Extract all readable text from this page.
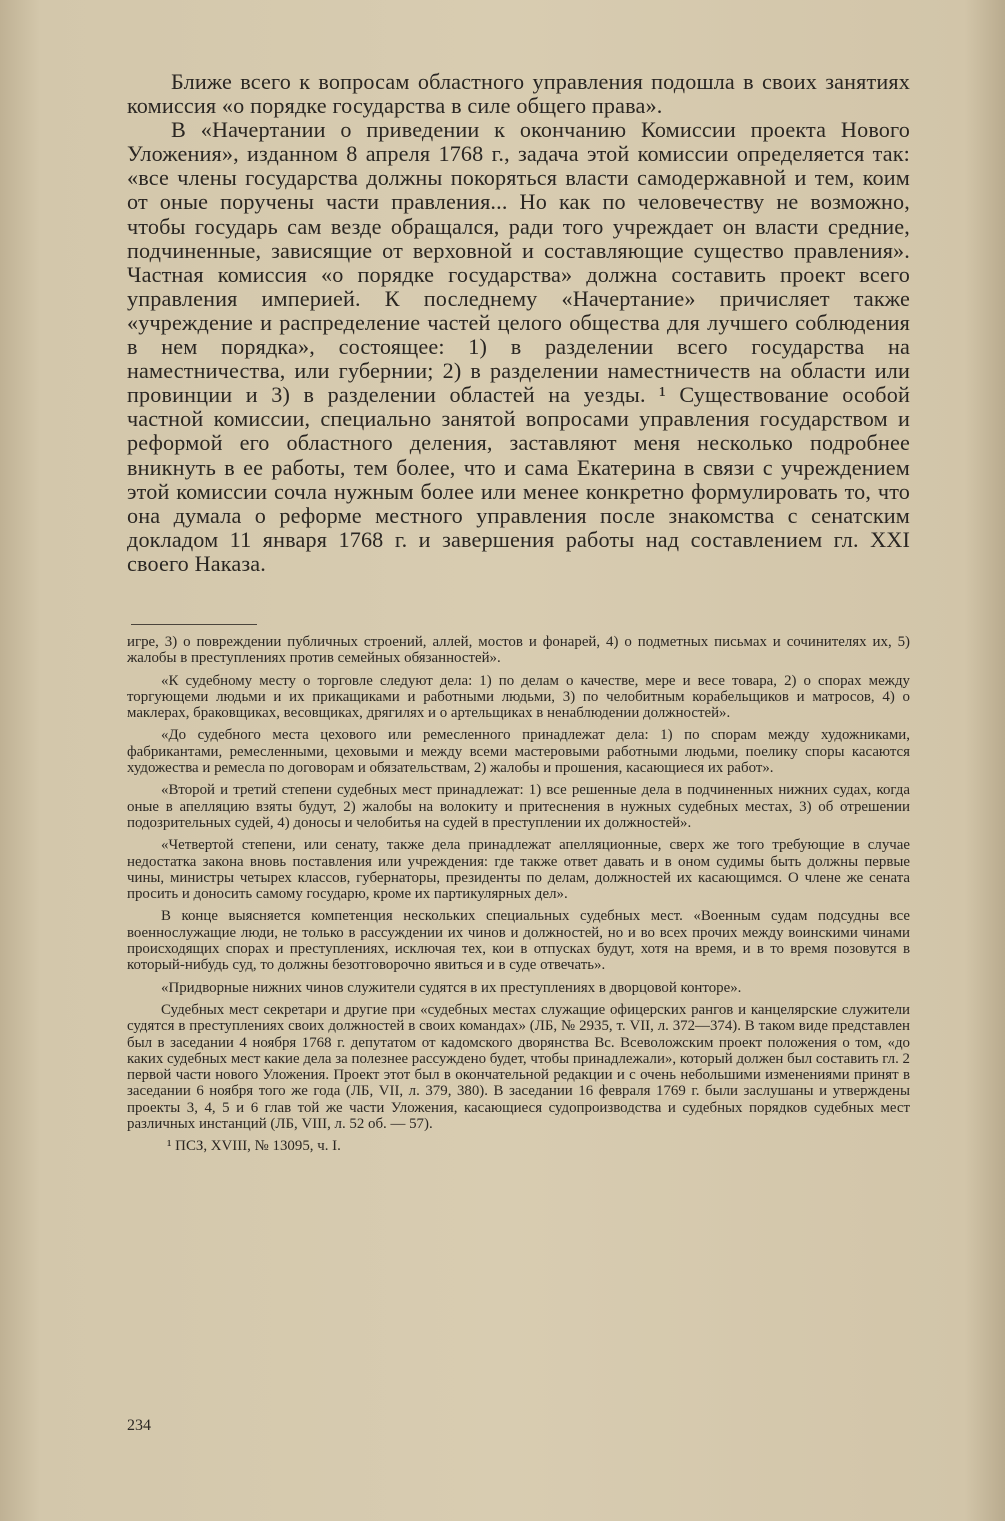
Ближе всего к вопросам областного управления подошла в своих занятиях комиссия «о порядке государства в силе общего права».

В «Начертании о приведении к окончанию Комиссии проекта Нового Уложения», изданном 8 апреля 1768 г., задача этой комиссии определяется так: «все члены государства должны покоряться власти самодержавной и тем, коим от оные поручены части правления... Но как по человечеству не возможно, чтобы государь сам везде обращался, ради того учреждает он власти средние, подчиненные, зависящие от верховной и составляющие существо правления». Частная комиссия «о порядке государства» должна составить проект всего управления империей. К последнему «Начертание» причисляет также «учреждение и распределение частей целого общества для лучшего соблюдения в нем порядка», состоящее: 1) в разделении всего государства на наместничества, или губернии; 2) в разделении наместничеств на области или провинции и 3) в разделении областей на уезды. ¹ Существование особой частной комиссии, специально занятой вопросами управления государством и реформой его областного деления, заставляют меня несколько подробнее вникнуть в ее работы, тем более, что и сама Екатерина в связи с учреждением этой комиссии сочла нужным более или менее конкретно формулировать то, что она думала о реформе местного управления после знакомства с сенатским докладом 11 января 1768 г. и завершения работы над составлением гл. XXI своего Наказа.

игре, 3) о повреждении публичных строений, аллей, мостов и фонарей, 4) о подметных письмах и сочинителях их, 5) жалобы в преступлениях против семейных обязанностей».

«К судебному месту о торговле следуют дела: 1) по делам о качестве, мере и весе товара, 2) о спорах между торгующеми людьми и их прикащиками и работными людьми, 3) по челобитным корабельщиков и матросов, 4) о маклерах, браковщиках, весовщиках, дрягилях и о артельщиках в ненаблюдении должностей».

«До судебного места цехового или ремесленного принадлежат дела: 1) по спорам между художниками, фабрикантами, ремесленными, цеховыми и между всеми мастеровыми работными людьми, поелику споры касаются художества и ремесла по договорам и обязательствам, 2) жалобы и прошения, касающиеся их работ».

«Второй и третий степени судебных мест принадлежат: 1) все решенные дела в подчиненных нижних судах, когда оные в апелляцию взяты будут, 2) жалобы на волокиту и притеснения в нужных судебных местах, 3) об отрешении подозрительных судей, 4) доносы и челобитья на судей в преступлении их должностей».

«Четвертой степени, или сенату, также дела принадлежат апелляционные, сверх же того требующие в случае недостатка закона вновь поставления или учреждения: где также ответ давать и в оном судимы быть должны первые чины, министры четырех классов, губернаторы, президенты по делам, должностей их касающимся. О члене же сената просить и доносить самому государю, кроме их партикулярных дел».

В конце выясняется компетенция нескольких специальных судебных мест. «Военным судам подсудны все военнослужащие люди, не только в рассуждении их чинов и должностей, но и во всех прочих между воинскими чинами происходящих спорах и преступлениях, исключая тех, кои в отпусках будут, хотя на время, и в то время позовутся в который-нибудь суд, то должны безотговорочно явиться и в суде отвечать».

«Придворные нижних чинов служители судятся в их преступлениях в дворцовой конторе».

Судебных мест секретари и другие при «судебных местах служащие офицерских рангов и канцелярские служители судятся в преступлениях своих должностей в своих командах» (ЛБ, № 2935, т. VII, л. 372—374). В таком виде представлен был в заседании 4 ноября 1768 г. депутатом от кадомского дворянства Вс. Всеволожским проект положения о том, «до каких судебных мест какие дела за полезнее рассуждено будет, чтобы принадлежали», который должен был составить гл. 2 первой части нового Уложения. Проект этот был в окончательной редакции и с очень небольшими изменениями принят в заседании 6 ноября того же года (ЛБ, VII, л. 379, 380). В заседании 16 февраля 1769 г. были заслушаны и утверждены проекты 3, 4, 5 и 6 глав той же части Уложения, касающиеся судопроизводства и судебных порядков судебных мест различных инстанций (ЛБ, VIII, л. 52 об. — 57).

¹ ПСЗ, XVIII, № 13095, ч. I.

234
